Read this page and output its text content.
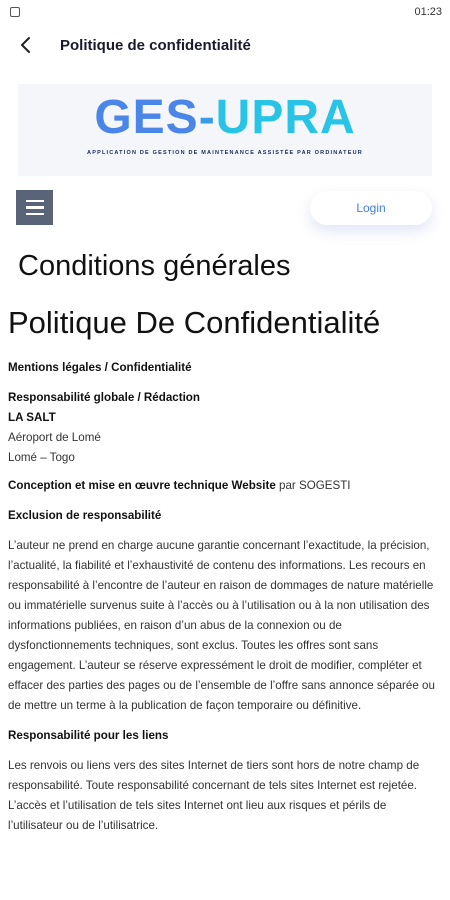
01:23
Politique de confidentialité
GES-UPRA
APPLICATION DE GESTION DE MAINTENANCE ASSISTÉE PAR ORDINATEUR
Login
Conditions générales
Politique De Confidentialité

Mentions légales / Confidentialité

Responsabilité globale / Rédaction
LA SALT
Aéroport de Lomé
Lomé – Togo

Conception et mise en œuvre technique Website par SOGESTI

Exclusion de responsabilité

L’auteur ne prend en charge aucune garantie concernant l’exactitude, la précision, l’actualité, la fiabilité et l’exhaustivité de contenu des informations. Les recours en responsabilité à l’encontre de l’auteur en raison de dommages de nature matérielle ou immatérielle survenus suite à l’accès ou à l’utilisation ou à la non utilisation des informations publiées, en raison d’un abus de la connexion ou de dysfonctionnements techniques, sont exclus. Toutes les offres sont sans engagement. L’auteur se réserve expressément le droit de modifier, compléter et effacer des parties des pages ou de l’ensemble de l’offre sans annonce séparée ou de mettre un terme à la publication de façon temporaire ou définitive.

Responsabilité pour les liens

Les renvois ou liens vers des sites Internet de tiers sont hors de notre champ de responsabilité. Toute responsabilité concernant de tels sites Internet est rejetée. L’accès et l’utilisation de tels sites Internet ont lieu aux risques et périls de l’utilisateur ou de l’utilisatrice.
